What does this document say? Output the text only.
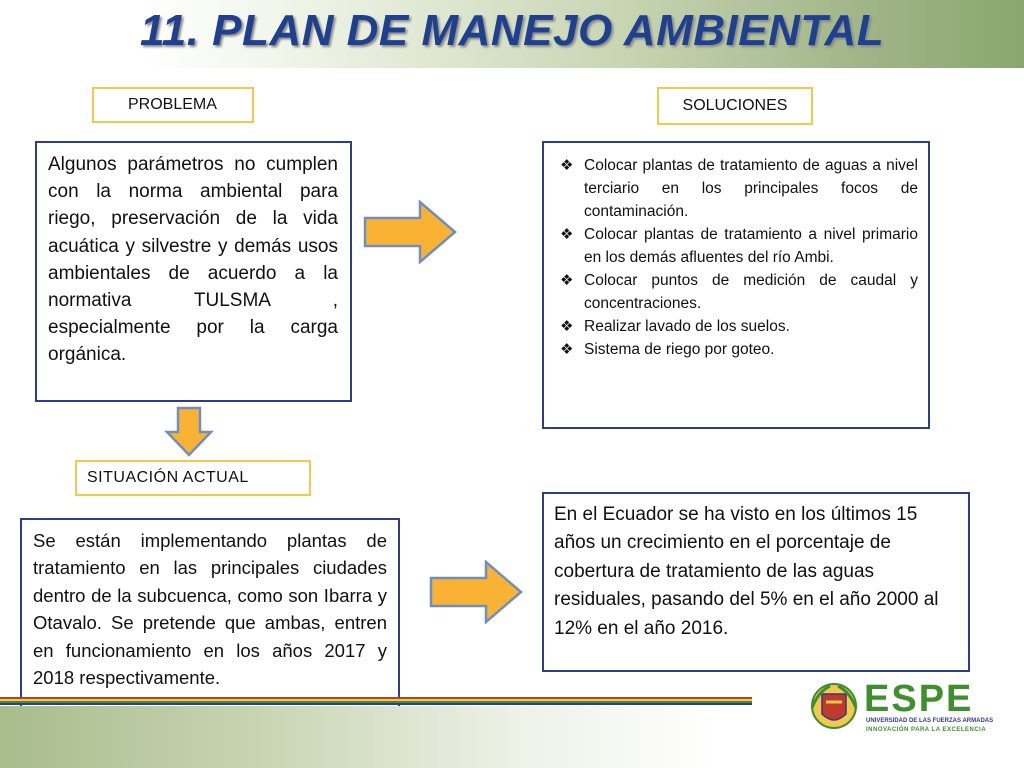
11. PLAN DE MANEJO AMBIENTAL
PROBLEMA	SOLUCIONES
Algunos parámetros no cumplen con la norma ambiental para riego, preservación de la vida acuática y silvestre y demás usos ambientales de acuerdo a la normativa TULSMA , especialmente por la carga orgánica.
❖ Colocar plantas de tratamiento de aguas a nivel terciario en los principales focos de contaminación.
❖ Colocar plantas de tratamiento a nivel primario en los demás afluentes del río Ambi.
❖ Colocar puntos de medición de caudal y concentraciones.
❖ Realizar lavado de los suelos.
❖ Sistema de riego por goteo.
SITUACIÓN ACTUAL
Se están implementando plantas de tratamiento en las principales ciudades dentro de la subcuenca, como son Ibarra y Otavalo. Se pretende que ambas, entren en funcionamiento en los años 2017 y 2018 respectivamente.
En el Ecuador se ha visto en los últimos 15 años un crecimiento en el porcentaje de cobertura de tratamiento de las aguas residuales, pasando del 5% en el año 2000 al 12% en el año 2016.
ESPE
UNIVERSIDAD DE LAS FUERZAS ARMADAS
INNOVACIÓN PARA LA EXCELENCIA
